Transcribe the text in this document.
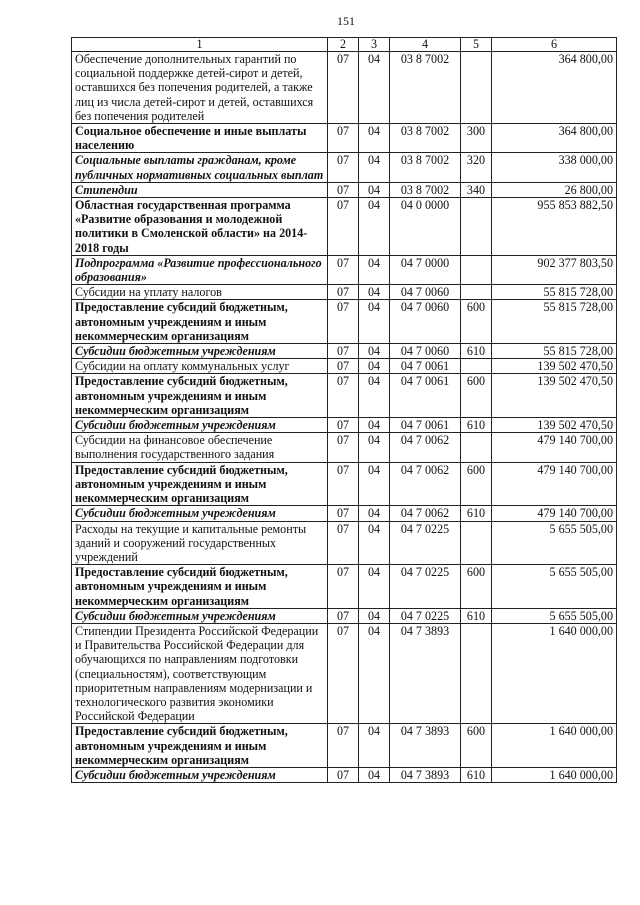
151
1	2	3	4	5	6
Обеспечение дополнительных гарантий по социальной поддержке детей-сирот и детей, оставшихся без попечения родителей, а также лиц из числа детей-сирот и детей, оставшихся без попечения родителей	07	04	03 8 7002		364 800,00
Социальное обеспечение и иные выплаты населению	07	04	03 8 7002	300	364 800,00
Социальные выплаты гражданам, кроме публичных нормативных социальных выплат	07	04	03 8 7002	320	338 000,00
Стипендии	07	04	03 8 7002	340	26 800,00
Областная государственная программа «Развитие образования и молодежной политики в Смоленской области» на 2014-2018 годы	07	04	04 0 0000		955 853 882,50
Подпрограмма «Развитие профессионального образования»	07	04	04 7 0000		902 377 803,50
Субсидии на уплату налогов	07	04	04 7 0060		55 815 728,00
Предоставление субсидий бюджетным, автономным учреждениям и иным некоммерческим организациям	07	04	04 7 0060	600	55 815 728,00
Субсидии бюджетным учреждениям	07	04	04 7 0060	610	55 815 728,00
Субсидии на оплату коммунальных услуг	07	04	04 7 0061		139 502 470,50
Предоставление субсидий бюджетным, автономным учреждениям и иным некоммерческим организациям	07	04	04 7 0061	600	139 502 470,50
Субсидии бюджетным учреждениям	07	04	04 7 0061	610	139 502 470,50
Субсидии на финансовое обеспечение выполнения государственного задания	07	04	04 7 0062		479 140 700,00
Предоставление субсидий бюджетным, автономным учреждениям и иным некоммерческим организациям	07	04	04 7 0062	600	479 140 700,00
Субсидии бюджетным учреждениям	07	04	04 7 0062	610	479 140 700,00
Расходы на текущие и капитальные ремонты зданий и сооружений государственных учреждений	07	04	04 7 0225		5 655 505,00
Предоставление субсидий бюджетным, автономным учреждениям и иным некоммерческим организациям	07	04	04 7 0225	600	5 655 505,00
Субсидии бюджетным учреждениям	07	04	04 7 0225	610	5 655 505,00
Стипендии Президента Российской Федерации и Правительства Российской Федерации для обучающихся по направлениям подготовки (специальностям), соответствующим приоритетным направлениям модернизации и технологического развития экономики Российской Федерации	07	04	04 7 3893		1 640 000,00
Предоставление субсидий бюджетным, автономным учреждениям и иным некоммерческим организациям	07	04	04 7 3893	600	1 640 000,00
Субсидии бюджетным учреждениям	07	04	04 7 3893	610	1 640 000,00
